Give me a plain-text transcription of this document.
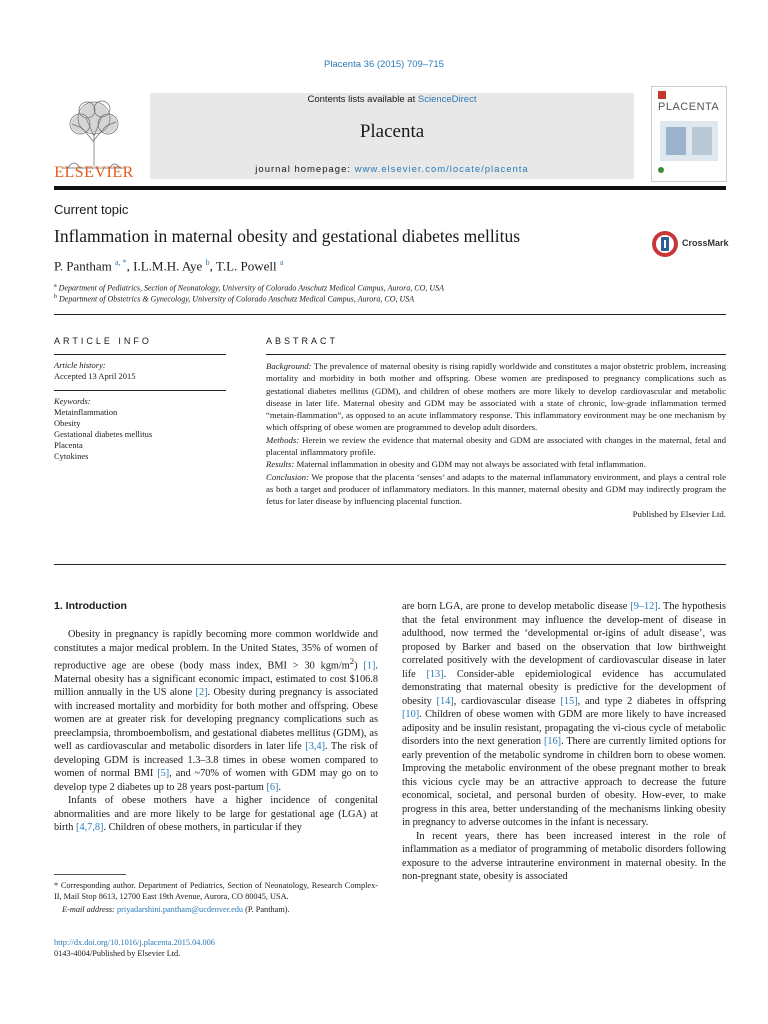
Placenta 36 (2015) 709–715
ELSEVIER
Contents lists available at ScienceDirect
Placenta
journal homepage: www.elsevier.com/locate/placenta
PLACENTA
Current topic
Inflammation in maternal obesity and gestational diabetes mellitus	CrossMark
P. Pantham $^{a, *}$, I.L.M.H. Aye $^b$, T.L. Powell $^a$
$^a$ Department of Pediatrics, Section of Neonatology, University of Colorado Anschutz Medical Campus, Aurora, CO, USA
$^b$ Department of Obstetrics & Gynecology, University of Colorado Anschutz Medical Campus, Aurora, CO, USA
ARTICLE INFO
Article history:
Accepted 13 April 2015
Keywords:
Metainflammation
Obesity
Gestational diabetes mellitus
Placenta
Cytokines
ABSTRACT

Background: The prevalence of maternal obesity is rising rapidly worldwide and constitutes a major obstetric problem, increasing mortality and morbidity in both mother and offspring. Obese women are predisposed to pregnancy complications such as gestational diabetes mellitus (GDM), and children of obese mothers are more likely to develop cardiovascular and metabolic disease in later life. Maternal obesity and GDM may be associated with a state of chronic, low-grade inflammation termed “metain-flammation”, as opposed to an acute inflammatory response. This inflammatory environment may be one mechanism by which offspring of obese women are programmed to develop adult disorders.

Methods: Herein we review the evidence that maternal obesity and GDM are associated with changes in the maternal, fetal and placental inflammatory profile.

Results: Maternal inflammation in obesity and GDM may not always be associated with fetal inflammation.

Conclusion: We propose that the placenta ‘senses’ and adapts to the maternal inflammatory environment, and plays a central role as both a target and producer of inflammatory mediators. In this manner, maternal obesity and GDM may indirectly program the fetus for later disease by influencing placental function.

Published by Elsevier Ltd.

1. Introduction

Obesity in pregnancy is rapidly becoming more common worldwide and constitutes a major medical problem. In the United States, 35% of women of reproductive age are obese (body mass index, BMI > 30 kgm/$m^2$) [1]. Maternal obesity has a significant economic impact, estimated to cost $106.8 million annually in the US alone [2]. Obesity during pregnancy is associated with increased mortality and morbidity for both mother and offspring. Obese women are at greater risk for developing pregnancy complications such as preeclampsia, thromboembolism, and gestational diabetes mellitus (GDM), as well as cardiovascular and metabolic disorders in later life [3,4]. The risk of developing GDM is increased 1.3–3.8 times in obese women compared to women of normal BMI [5], and ~70% of women with GDM may go on to develop type 2 diabetes up to 28 years post-partum [6].

Infants of obese mothers have a higher incidence of congenital abnormalities and are more likely to be large for gestational age (LGA) at birth [4,7,8]. Children of obese mothers, in particular if they

are born LGA, are prone to develop metabolic disease [9–12]. The hypothesis that the fetal environment may influence the develop-ment of disease in adulthood, now termed the ‘developmental or-igins of adult disease’, was proposed by Barker and based on the observation that low birthweight correlated positively with the development of cardiovascular disease in later life [13]. Consider-able epidemiological evidence has accumulated demonstrating that maternal obesity is predictive for the development of obesity [14], cardiovascular disease [15], and type 2 diabetes in offspring [10]. Children of obese women with GDM are more likely to have increased adiposity and be insulin resistant, propagating the vi-cious cycle of metabolic disorders into the next generation [16]. There are currently limited options for early prevention of the metabolic syndrome in children born to obese women. Improving the metabolic environment of the obese pregnant mother to break this vicious cycle may be an attractive approach to decrease the future economical, societal, and personal burden of obesity. How-ever, to make progress in this area, better understanding of the mechanisms linking obesity in pregnancy to adverse outcomes in the infant is necessary.

In recent years, there has been increased interest in the role of inflammation as a mediator of programming of metabolic disorders following exposure to the adverse intrauterine environment in maternal obesity. In the non-pregnant state, obesity is associated

* Corresponding author. Department of Pediatrics, Section of Neonatology, Research Complex-II, Mail Stop 8613, 12700 East 19th Avenue, Aurora, CO 80045, USA.

E-mail address: priyadarshini.pantham@ucdenver.edu (P. Pantham).

http://dx.doi.org/10.1016/j.placenta.2015.04.006
0143-4004/Published by Elsevier Ltd.
